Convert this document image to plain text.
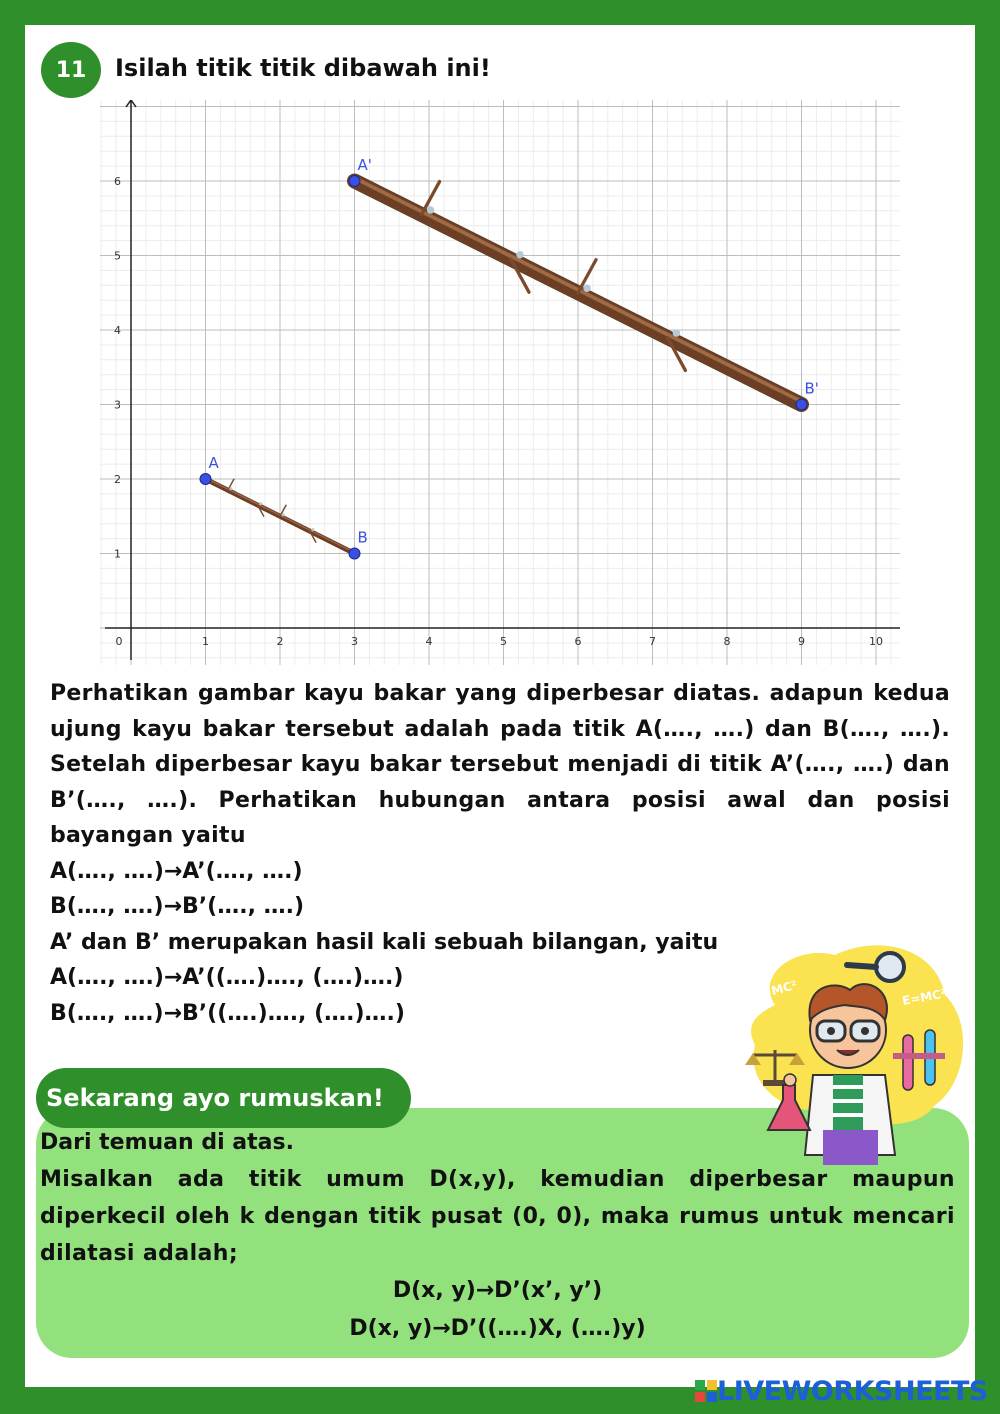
11	Isilah titik titik dibawah ini!
0	1	2	3	4	5	6	7	8	9	10
1
2
3
4
5
6
A
B
A'
B'
Perhatikan gambar kayu bakar yang diperbesar diatas. adapun kedua ujung kayu bakar tersebut adalah pada titik A(…., ….) dan B(…., ….). Setelah diperbesar kayu bakar tersebut menjadi di titik A’(…., ….) dan B’(…., ….). Perhatikan hubungan antara posisi awal dan posisi bayangan yaitu
A(…., ….)→A’(…., ….)
B(…., ….)→B’(…., ….)
A’ dan B’ merupakan hasil kali sebuah bilangan, yaitu
A(…., ….)→A’((….)…., (….)….)
B(…., ….)→B’((….)…., (….)….)
Sekarang ayo rumuskan!
Dari temuan di atas.
Misalkan ada titik umum D(x,y), kemudian diperbesar maupun diperkecil oleh k dengan titik pusat (0, 0), maka rumus untuk mencari dilatasi adalah;
D(x, y)→D’(x’, y’)
D(x, y)→D’((….)X, (….)y)
E=MC²	E=MC²
LIVEWORKSHEETS
